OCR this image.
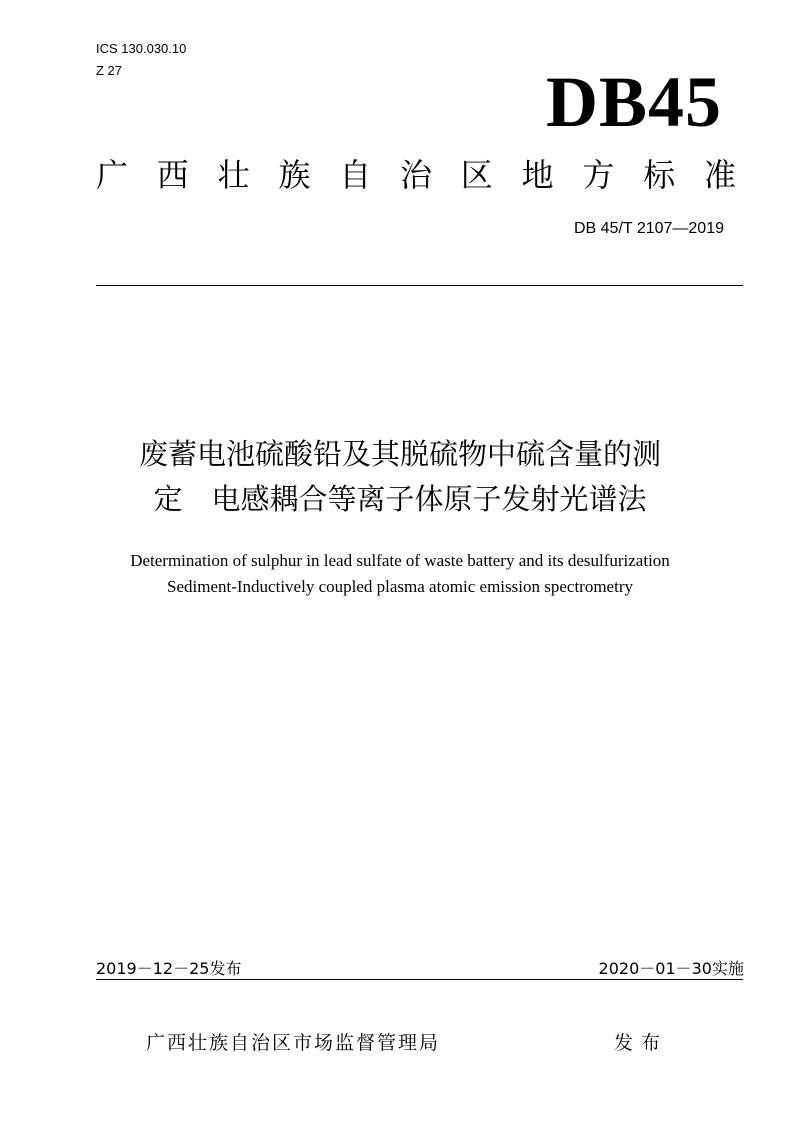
ICS 130.030.10
Z 27	DB45
广 西 壮 族 自 治 区 地 方 标 准
DB 45/T 2107—2019
废蓄电池硫酸铅及其脱硫物中硫含量的测
定　电感耦合等离子体原子发射光谱法
Determination of sulphur in lead sulfate of waste battery and its desulfurization
Sediment-Inductively coupled plasma atomic emission spectrometry
2019－12－25发布	2020－01－30实施
广西壮族自治区市场监督管理局	发布
